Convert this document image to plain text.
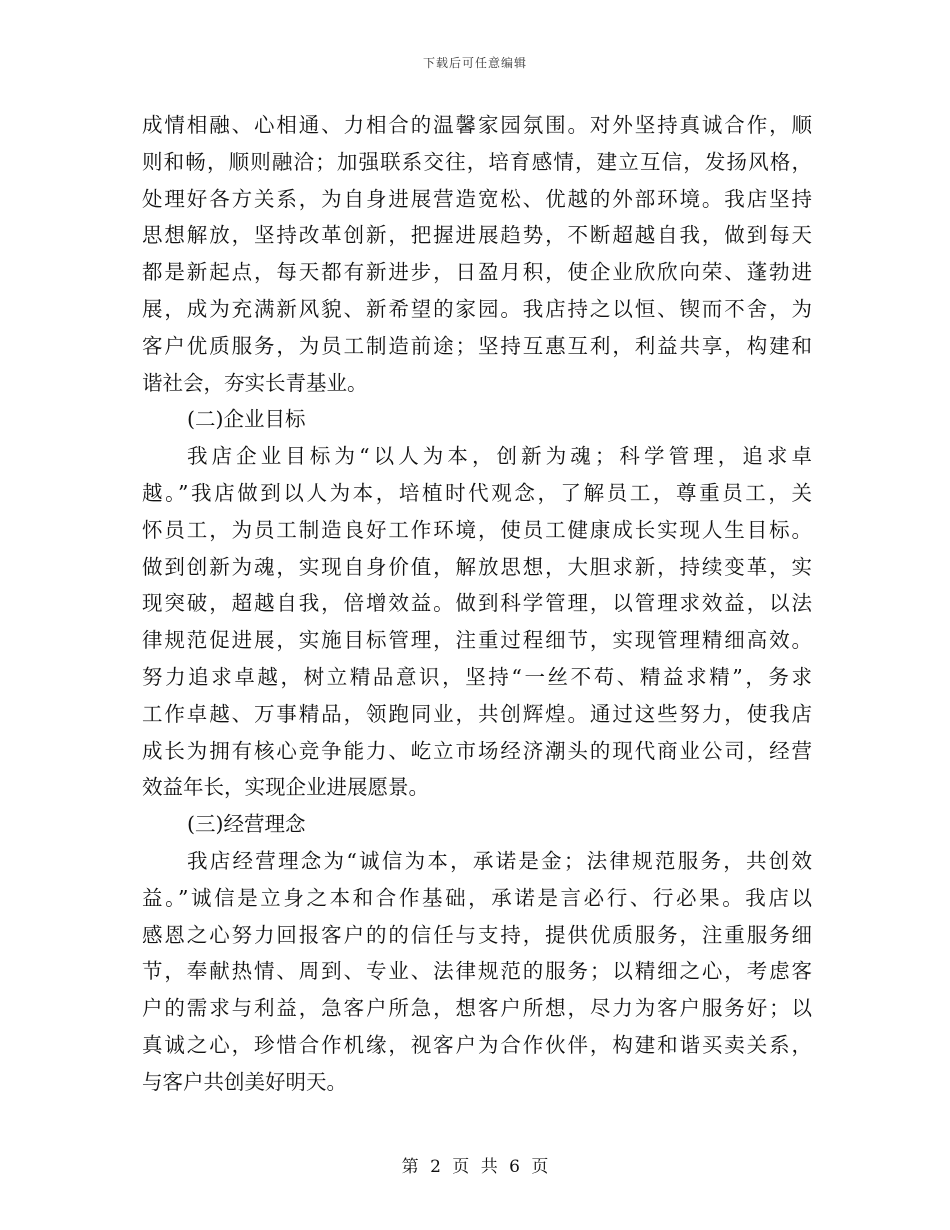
下载后可任意编辑
成情相融、心相通、力相合的温馨家园氛围。对外坚持真诚合作，顺
则和畅，顺则融洽；加强联系交往，培育感情，建立互信，发扬风格，
处理好各方关系，为自身进展营造宽松、优越的外部环境。我店坚持
思想解放，坚持改革创新，把握进展趋势，不断超越自我，做到每天
都是新起点，每天都有新进步，日盈月积，使企业欣欣向荣、蓬勃进
展，成为充满新风貌、新希望的家园。我店持之以恒、锲而不舍，为
客户优质服务，为员工制造前途；坚持互惠互利，利益共享，构建和
谐社会，夯实长青基业。
(二)企业目标
我店企业目标为“以人为本，创新为魂；科学管理，追求卓
越。”我店做到以人为本，培植时代观念，了解员工，尊重员工，关
怀员工，为员工制造良好工作环境，使员工健康成长实现人生目标。
做到创新为魂，实现自身价值，解放思想，大胆求新，持续变革，实
现突破，超越自我，倍增效益。做到科学管理，以管理求效益，以法
律规范促进展，实施目标管理，注重过程细节，实现管理精细高效。
努力追求卓越，树立精品意识，坚持“一丝不苟、精益求精”，务求
工作卓越、万事精品，领跑同业，共创辉煌。通过这些努力，使我店
成长为拥有核心竞争能力、屹立市场经济潮头的现代商业公司，经营
效益年长，实现企业进展愿景。
(三)经营理念
我店经营理念为“诚信为本，承诺是金；法律规范服务，共创效
益。”诚信是立身之本和合作基础，承诺是言必行、行必果。我店以
感恩之心努力回报客户的的信任与支持，提供优质服务，注重服务细
节，奉献热情、周到、专业、法律规范的服务；以精细之心，考虑客
户的需求与利益，急客户所急，想客户所想，尽力为客户服务好；以
真诚之心，珍惜合作机缘，视客户为合作伙伴，构建和谐买卖关系，
与客户共创美好明天。
第 2 页 共 6 页
